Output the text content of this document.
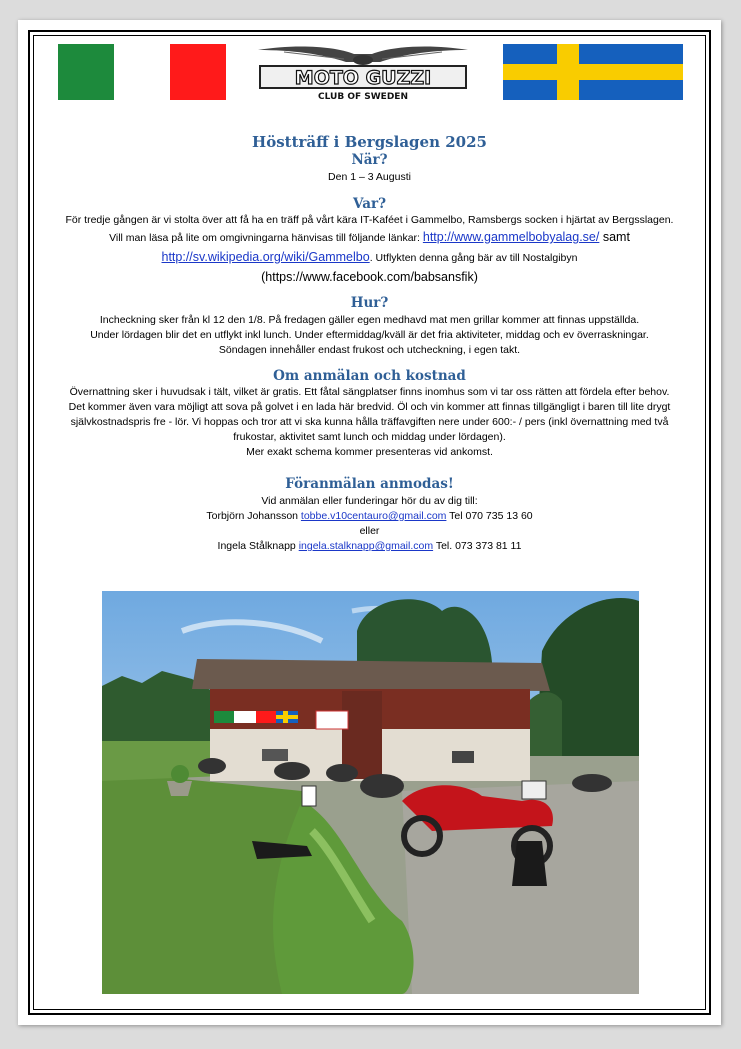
MOTO GUZZI
CLUB OF SWEDEN
Höstträff i Bergslagen 2025
När?

Den 1 – 3 Augusti

Var?

För tredje gången är vi stolta över att få ha en träff på vårt kära IT-Kaféet i Gammelbo, Ramsbergs socken i hjärtat av Bergsslagen.

Vill man läsa på lite om omgivningarna hänvisas till följande länkar: http://www.gammelbobyalag.se/ samt

http://sv.wikipedia.org/wiki/Gammelbo. Utflykten denna gång bär av till Nostalgibyn

(https://www.facebook.com/babsansfik)

Hur?

Incheckning sker från kl 12 den 1/8. På fredagen gäller egen medhavd mat men grillar kommer att finnas uppställda.

Under lördagen blir det en utflykt inkl lunch. Under eftermiddag/kväll är det fria aktiviteter, middag och ev överraskningar.

Söndagen innehåller endast frukost och utcheckning, i egen takt.

Om anmälan och kostnad

Övernattning sker i huvudsak i tält, vilket är gratis. Ett fåtal sängplatser finns inomhus som vi tar oss rätten att fördela efter behov.

Det kommer även vara möjligt att sova på golvet i en lada här bredvid. Öl och vin kommer att finnas tillgängligt i baren till lite drygt

självkostnadspris fre - lör. Vi hoppas och tror att vi ska kunna hålla träffavgiften nere under 600:- / pers (inkl övernattning med två

frukostar, aktivitet samt lunch och middag under lördagen).

Mer exakt schema kommer presenteras vid ankomst.

Föranmälan anmodas!

Vid anmälan eller funderingar hör du av dig till:

Torbjörn Johansson tobbe.v10centauro@gmail.com Tel 070 735 13 60

eller

Ingela Stålknapp ingela.stalknapp@gmail.com Tel. 073 373 81 11
